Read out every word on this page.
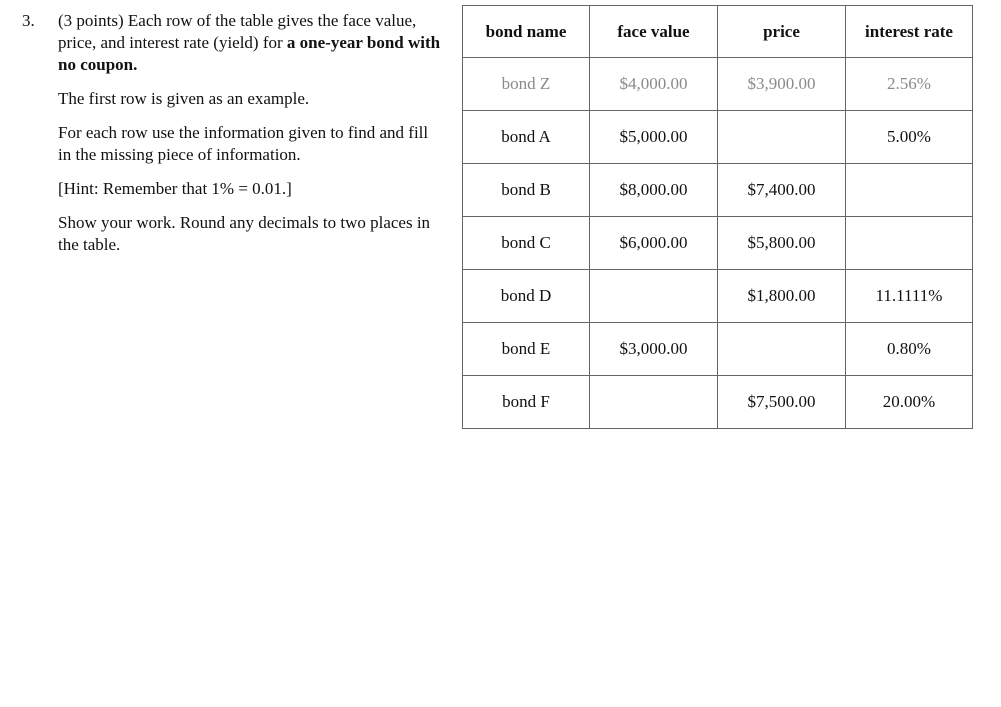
3.	(3 points) Each row of the table gives the face value, price, and interest rate (yield) for a one-year bond with no coupon.
The first row is given as an example.
For each row use the information given to find and fill in the missing piece of information.
[Hint: Remember that 1% = 0.01.]
Show your work. Round any decimals to two places in the table.
bond name	face value	price	interest rate
bond Z	$4,000.00	$3,900.00	2.56%
bond A	$5,000.00		5.00%
bond B	$8,000.00	$7,400.00	
bond C	$6,000.00	$5,800.00	
bond D		$1,800.00	11.1111%
bond E	$3,000.00		0.80%
bond F		$7,500.00	20.00%
